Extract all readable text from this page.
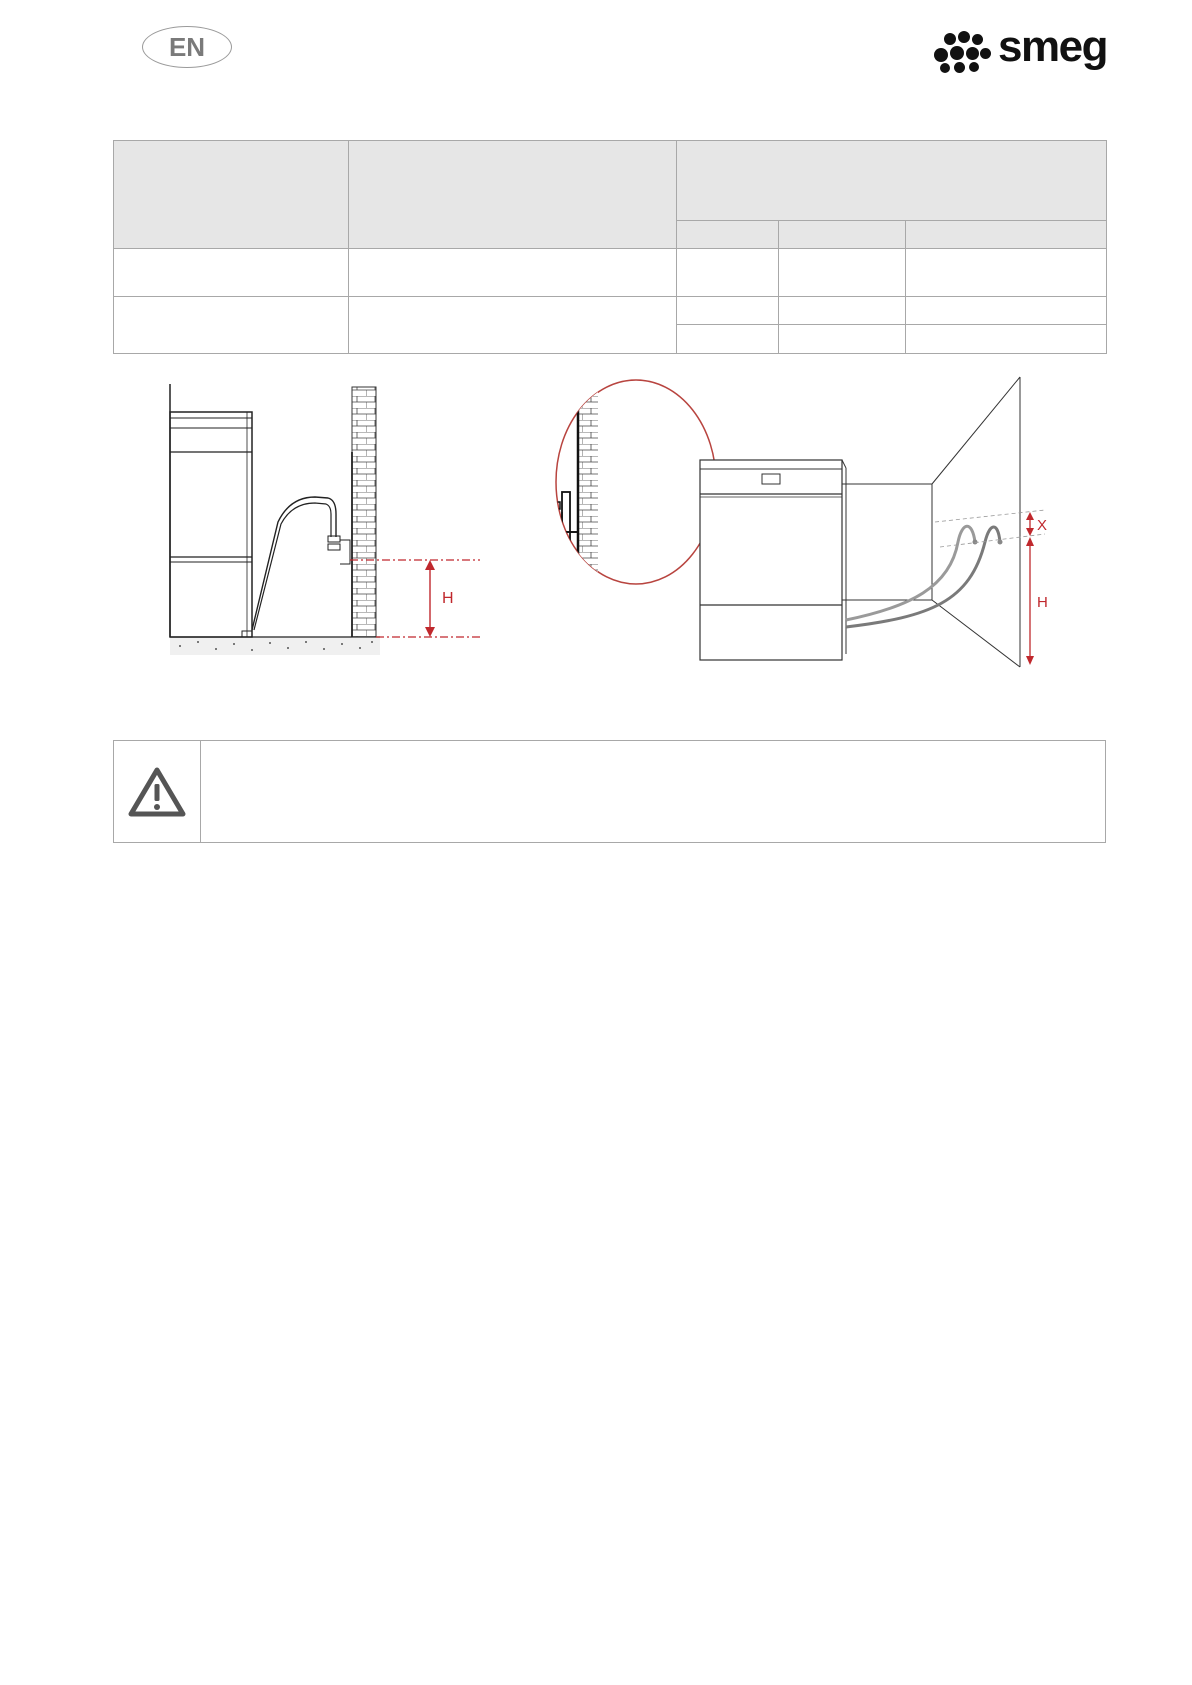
EN	smeg

H
X
H
